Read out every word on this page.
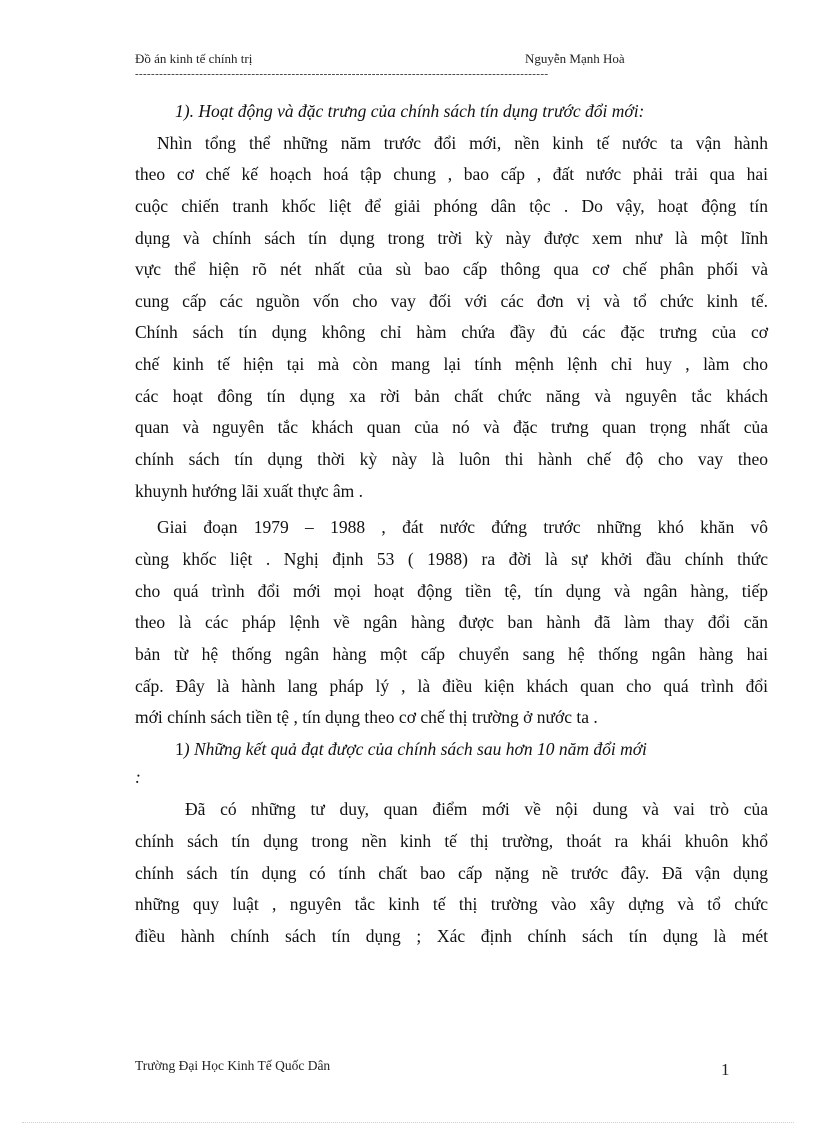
Đồ án kinh tế chính trị	Nguyễn Mạnh Hoà
-------------------------------------------------------------------------------------------------------
1). Hoạt động và đặc trưng của chính sách tín dụng trước đổi mới:
Nhìn tổng thể những năm trước đổi mới, nền kinh tế nước ta vận hành
theo cơ chế kế hoạch hoá tập chung , bao cấp , đất nước phải trải qua hai
cuộc chiến tranh khốc liệt để giải phóng dân tộc . Do vậy, hoạt động tín
dụng và chính sách tín dụng trong trời kỳ này được xem như là một lĩnh
vực thể hiện rõ nét nhất của sù bao cấp thông qua cơ chế phân phối và
cung cấp các nguồn vốn cho vay đối với các đơn vị và tổ chức kinh tế.
Chính sách tín dụng không chỉ hàm chứa đầy đủ các đặc trưng của cơ
chế kinh tế hiện tại mà còn mang lại tính mệnh lệnh chỉ huy , làm cho
các hoạt đông tín dụng xa rời bản chất chức năng và nguyên tắc khách
quan và nguyên tắc khách quan của nó và đặc trưng quan trọng nhất của
chính sách tín dụng thời kỳ này là luôn thi hành chế độ cho vay theo
khuynh hướng lãi xuất thực âm .
Giai đoạn 1979 – 1988 , đát nước đứng trước những khó khăn vô
cùng khốc liệt . Nghị định 53 ( 1988) ra đời là sự khởi đầu chính thức
cho quá trình đổi mới mọi hoạt động tiền tệ, tín dụng và ngân hàng, tiếp
theo là các pháp lệnh về ngân hàng được ban hành đã làm thay đổi căn
bản từ hệ thống ngân hàng một cấp chuyển sang hệ thống ngân hàng hai
cấp. Đây là hành lang pháp lý , là điều kiện khách quan cho quá trình đổi
mới chính sách tiền tệ , tín dụng theo cơ chế thị trường ở nước ta .
1) Những kết quả đạt được của chính sách sau hơn 10 năm đổi mới
:
Đã có những tư duy, quan điểm mới về nội dung và vai trò của
chính sách tín dụng trong nền kinh tế thị trường, thoát ra khái khuôn khổ
chính sách tín dụng có tính chất bao cấp nặng nề trước đây. Đã vận dụng
những quy luật , nguyên tắc kinh tế thị trường vào xây dựng và tổ chức
điều hành chính sách tín dụng ; Xác định chính sách tín dụng là mét
Trường Đại Học Kinh Tế Quốc Dân	1
